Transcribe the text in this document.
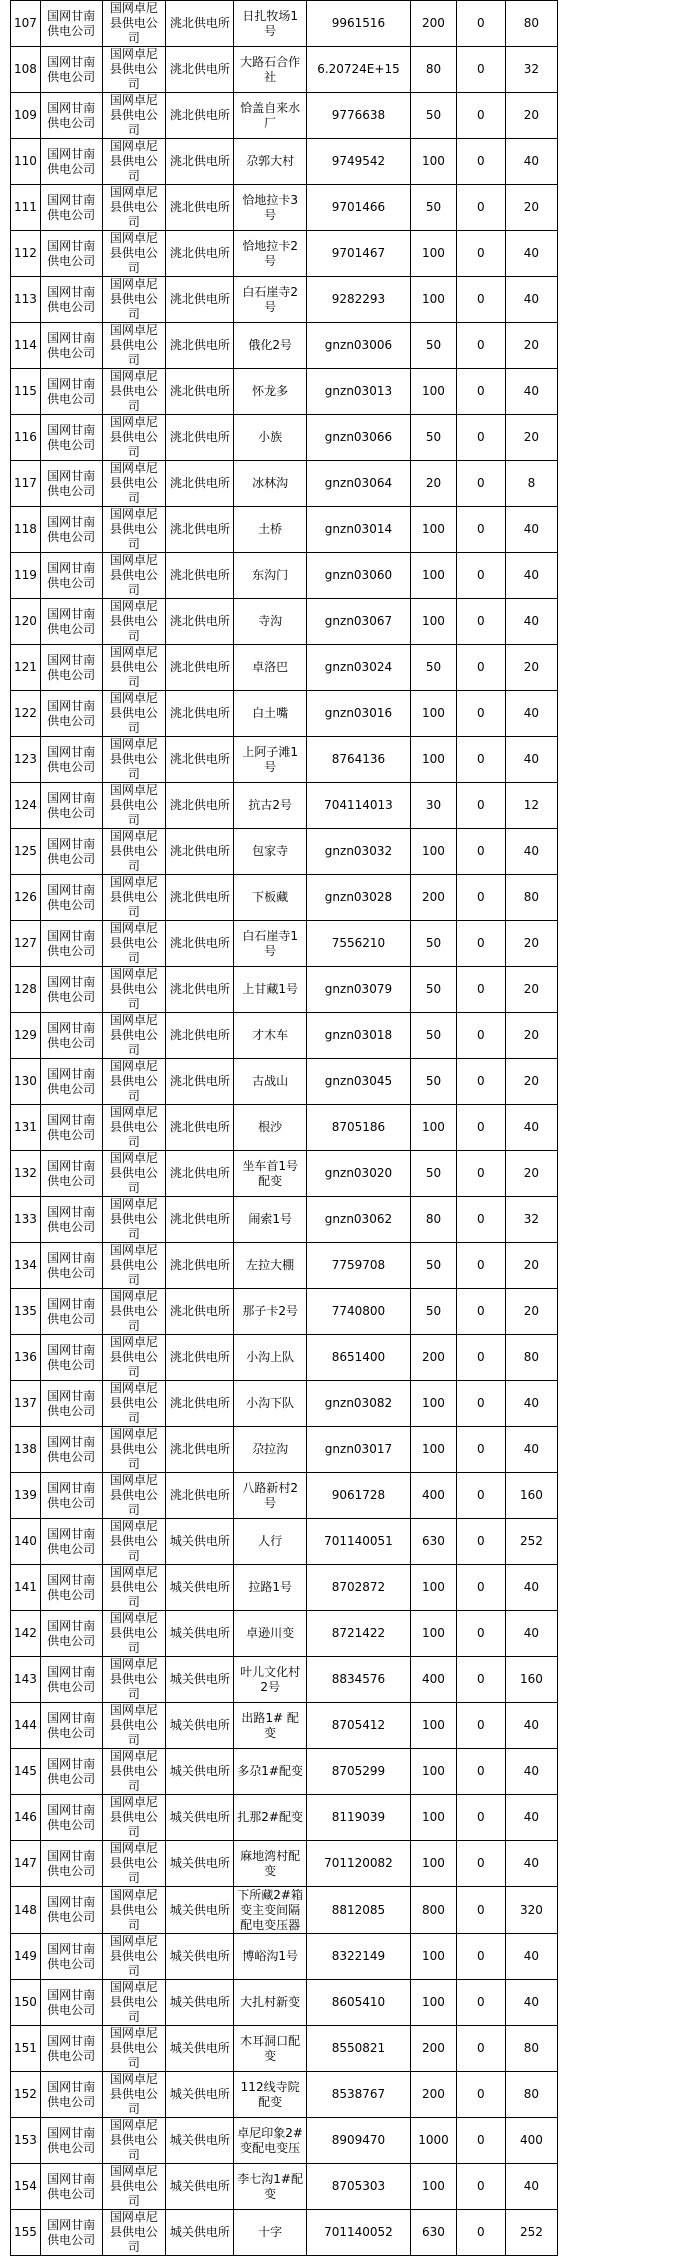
107	国网甘南供电公司	国网卓尼县供电公司	洮北供电所	日扎牧场1号	9961516	200	0	80
108	国网甘南供电公司	国网卓尼县供电公司	洮北供电所	大路石合作社	6.20724E+15	80	0	32
109	国网甘南供电公司	国网卓尼县供电公司	洮北供电所	恰盖自来水厂	9776638	50	0	20
110	国网甘南供电公司	国网卓尼县供电公司	洮北供电所	尕郭大村	9749542	100	0	40
111	国网甘南供电公司	国网卓尼县供电公司	洮北供电所	恰地拉卡3号	9701466	50	0	20
112	国网甘南供电公司	国网卓尼县供电公司	洮北供电所	恰地拉卡2号	9701467	100	0	40
113	国网甘南供电公司	国网卓尼县供电公司	洮北供电所	白石崖寺2号	9282293	100	0	40
114	国网甘南供电公司	国网卓尼县供电公司	洮北供电所	俄化2号	gnzn03006	50	0	20
115	国网甘南供电公司	国网卓尼县供电公司	洮北供电所	怀龙多	gnzn03013	100	0	40
116	国网甘南供电公司	国网卓尼县供电公司	洮北供电所	小族	gnzn03066	50	0	20
117	国网甘南供电公司	国网卓尼县供电公司	洮北供电所	冰林沟	gnzn03064	20	0	8
118	国网甘南供电公司	国网卓尼县供电公司	洮北供电所	土桥	gnzn03014	100	0	40
119	国网甘南供电公司	国网卓尼县供电公司	洮北供电所	东沟门	gnzn03060	100	0	40
120	国网甘南供电公司	国网卓尼县供电公司	洮北供电所	寺沟	gnzn03067	100	0	40
121	国网甘南供电公司	国网卓尼县供电公司	洮北供电所	卓洛巴	gnzn03024	50	0	20
122	国网甘南供电公司	国网卓尼县供电公司	洮北供电所	白土嘴	gnzn03016	100	0	40
123	国网甘南供电公司	国网卓尼县供电公司	洮北供电所	上阿子滩1号	8764136	100	0	40
124	国网甘南供电公司	国网卓尼县供电公司	洮北供电所	抗古2号	704114013	30	0	12
125	国网甘南供电公司	国网卓尼县供电公司	洮北供电所	包家寺	gnzn03032	100	0	40
126	国网甘南供电公司	国网卓尼县供电公司	洮北供电所	下板藏	gnzn03028	200	0	80
127	国网甘南供电公司	国网卓尼县供电公司	洮北供电所	白石崖寺1号	7556210	50	0	20
128	国网甘南供电公司	国网卓尼县供电公司	洮北供电所	上甘藏1号	gnzn03079	50	0	20
129	国网甘南供电公司	国网卓尼县供电公司	洮北供电所	才木车	gnzn03018	50	0	20
130	国网甘南供电公司	国网卓尼县供电公司	洮北供电所	古战山	gnzn03045	50	0	20
131	国网甘南供电公司	国网卓尼县供电公司	洮北供电所	根沙	8705186	100	0	40
132	国网甘南供电公司	国网卓尼县供电公司	洮北供电所	坐车首1号配变	gnzn03020	50	0	20
133	国网甘南供电公司	国网卓尼县供电公司	洮北供电所	闹索1号	gnzn03062	80	0	32
134	国网甘南供电公司	国网卓尼县供电公司	洮北供电所	左拉大棚	7759708	50	0	20
135	国网甘南供电公司	国网卓尼县供电公司	洮北供电所	那子卡2号	7740800	50	0	20
136	国网甘南供电公司	国网卓尼县供电公司	洮北供电所	小沟上队	8651400	200	0	80
137	国网甘南供电公司	国网卓尼县供电公司	洮北供电所	小沟下队	gnzn03082	100	0	40
138	国网甘南供电公司	国网卓尼县供电公司	洮北供电所	尕拉沟	gnzn03017	100	0	40
139	国网甘南供电公司	国网卓尼县供电公司	洮北供电所	八路新村2号	9061728	400	0	160
140	国网甘南供电公司	国网卓尼县供电公司	城关供电所	人行	701140051	630	0	252
141	国网甘南供电公司	国网卓尼县供电公司	城关供电所	拉路1号	8702872	100	0	40
142	国网甘南供电公司	国网卓尼县供电公司	城关供电所	卓逊川变	8721422	100	0	40
143	国网甘南供电公司	国网卓尼县供电公司	城关供电所	叶儿文化村2号	8834576	400	0	160
144	国网甘南供电公司	国网卓尼县供电公司	城关供电所	出路1# 配变	8705412	100	0	40
145	国网甘南供电公司	国网卓尼县供电公司	城关供电所	多尕1#配变	8705299	100	0	40
146	国网甘南供电公司	国网卓尼县供电公司	城关供电所	扎那2#配变	8119039	100	0	40
147	国网甘南供电公司	国网卓尼县供电公司	城关供电所	麻地湾村配变	701120082	100	0	40
148	国网甘南供电公司	国网卓尼县供电公司	城关供电所	下所藏2#箱变主变间隔配电变压器	8812085	800	0	320
149	国网甘南供电公司	国网卓尼县供电公司	城关供电所	博峪沟1号	8322149	100	0	40
150	国网甘南供电公司	国网卓尼县供电公司	城关供电所	大扎村新变	8605410	100	0	40
151	国网甘南供电公司	国网卓尼县供电公司	城关供电所	木耳洞口配变	8550821	200	0	80
152	国网甘南供电公司	国网卓尼县供电公司	城关供电所	112线寺院配变	8538767	200	0	80
153	国网甘南供电公司	国网卓尼县供电公司	城关供电所	卓尼印象2#变配电变压	8909470	1000	0	400
154	国网甘南供电公司	国网卓尼县供电公司	城关供电所	李七沟1#配变	8705303	100	0	40
155	国网甘南供电公司	国网卓尼县供电公司	城关供电所	十字	701140052	630	0	252
